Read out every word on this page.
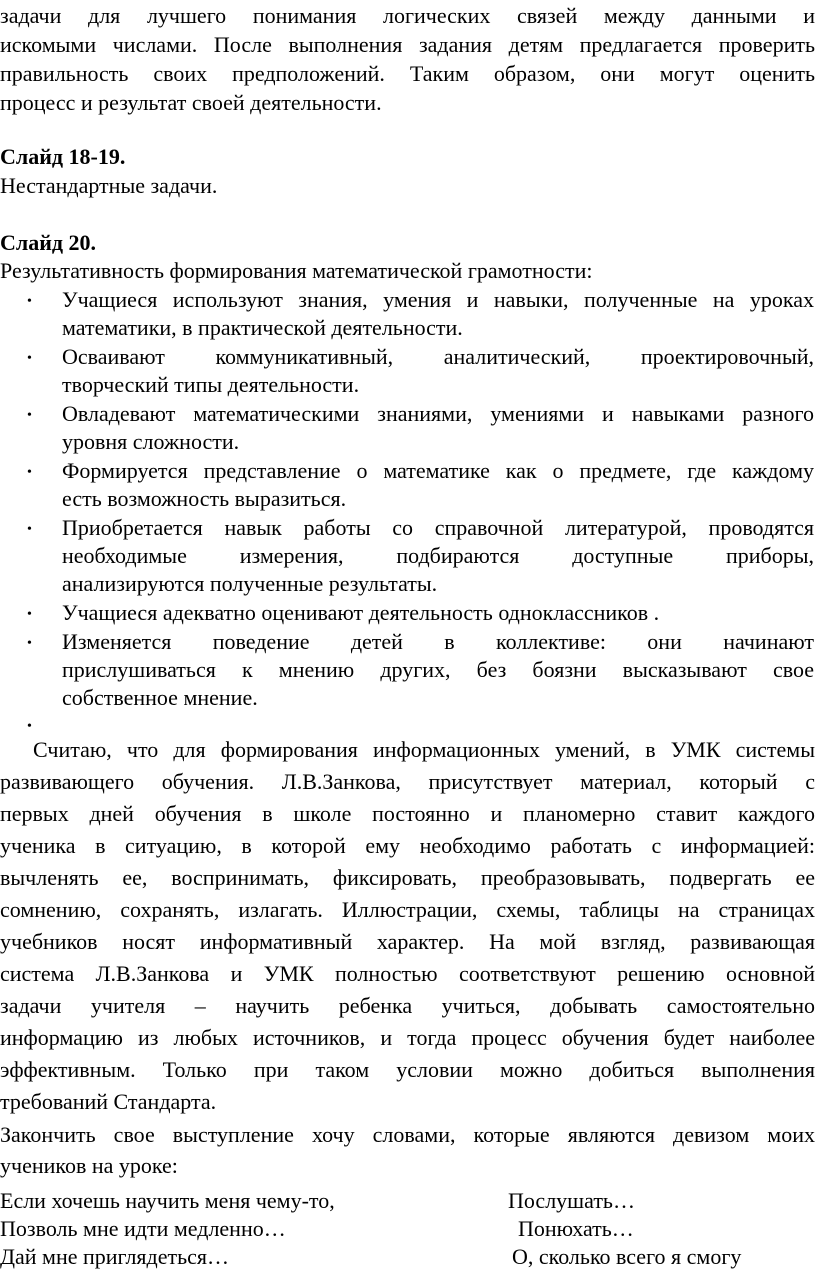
задачи для лучшего понимания логических связей между данными и
искомыми числами. После выполнения задания детям предлагается проверить
правильность своих предположений. Таким образом, они могут оценить
процесс и результат своей деятельности.
Слайд 18-19.
Нестандартные задачи.
Слайд 20.
Результативность формирования математической грамотности:
• Учащиеся используют знания, умения и навыки, полученные на уроках
математики, в практической деятельности.
• Осваивают коммуникативный, аналитический, проектировочный,
творческий типы деятельности.
• Овладевают математическими знаниями, умениями и навыками разного
уровня сложности.
• Формируется представление о математике как о предмете, где каждому
есть возможность выразиться.
• Приобретается навык работы со справочной литературой, проводятся
необходимые измерения, подбираются доступные приборы,
анализируются полученные результаты.
• Учащиеся адекватно оценивают деятельность одноклассников .
• Изменяется поведение детей в коллективе: они начинают
прислушиваться к мнению других, без боязни высказывают свое
собственное мнение.
•
Считаю, что для формирования информационных умений, в УМК системы
развивающего обучения. Л.В.Занкова, присутствует материал, который с
первых дней обучения в школе постоянно и планомерно ставит каждого
ученика в ситуацию, в которой ему необходимо работать с информацией:
вычленять ее, воспринимать, фиксировать, преобразовывать, подвергать ее
сомнению, сохранять, излагать. Иллюстрации, схемы, таблицы на страницах
учебников носят информативный характер. На мой взгляд, развивающая
система Л.В.Занкова и УМК полностью соответствуют решению основной
задачи учителя – научить ребенка учиться, добывать самостоятельно
информацию из любых источников, и тогда процесс обучения будет наиболее
эффективным. Только при таком условии можно добиться выполнения
требований Стандарта.
Закончить свое выступление хочу словами, которые являются девизом моих
учеников на уроке:
Если хочешь научить меня чему-то,	Послушать…
Позволь мне идти медленно…	Понюхать…
Дай мне приглядеться…	О, сколько всего я смогу
